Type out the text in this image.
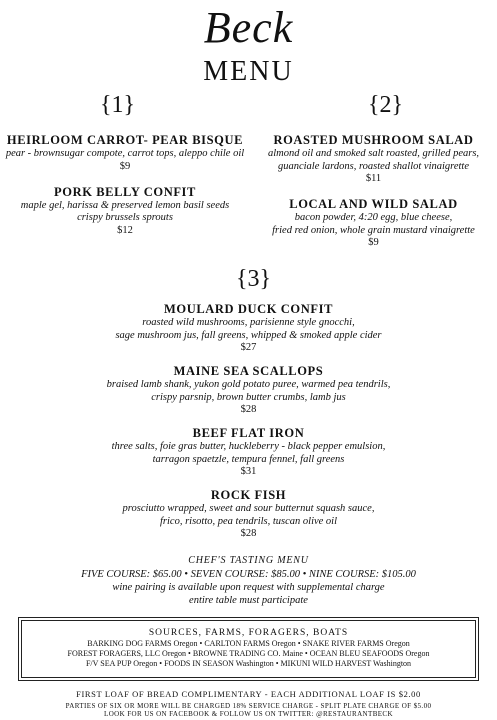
Beck
MENU
{1}
HEIRLOOM CARROT- PEAR BISQUE
pear - brownsugar compote, carrot tops, aleppo chile oil
$9
PORK BELLY CONFIT
maple gel, harissa & preserved lemon basil seeds
crispy brussels sprouts
$12
{2}
ROASTED MUSHROOM SALAD
almond oil and smoked salt roasted, grilled pears,
guanciale lardons, roasted shallot vinaigrette
$11
LOCAL AND WILD SALAD
bacon powder, 4:20 egg, blue cheese,
fried red onion, whole grain mustard vinaigrette
$9
{3}
MOULARD DUCK CONFIT
roasted wild mushrooms, parisienne style gnocchi,
sage mushroom jus, fall greens, whipped & smoked apple cider
$27
MAINE SEA SCALLOPS
braised lamb shank, yukon gold potato puree, warmed pea tendrils,
crispy parsnip, brown butter crumbs, lamb jus
$28
BEEF FLAT IRON
three salts, foie gras butter, huckleberry - black pepper emulsion,
tarragon spaetzle, tempura fennel, fall greens
$31
ROCK FISH
prosciutto wrapped, sweet and sour butternut squash sauce,
frico, risotto, pea tendrils, tuscan olive oil
$28
CHEF'S TASTING MENU
FIVE COURSE: $65.00 • SEVEN COURSE: $85.00 • NINE COURSE: $105.00
wine pairing is available upon request with supplemental charge
entire table must participate
SOURCES, FARMS, FORAGERS, BOATS
BARKING DOG FARMS Oregon • CARLTON FARMS Oregon • SNAKE RIVER FARMS Oregon
FOREST FORAGERS, LLC Oregon • BROWNE TRADING CO. Maine • OCEAN BLEU SEAFOODS Oregon
F/V SEA PUP Oregon • FOODS IN SEASON Washington • MIKUNI WILD HARVEST Washington
FIRST LOAF OF BREAD COMPLIMENTARY - EACH ADDITIONAL LOAF IS $2.00
PARTIES OF SIX OR MORE WILL BE CHARGED 18% SERVICE CHARGE - SPLIT PLATE CHARGE OF $5.00
LOOK FOR US ON FACEBOOK & FOLLOW US ON TWITTER: @RESTAURANTBECK
